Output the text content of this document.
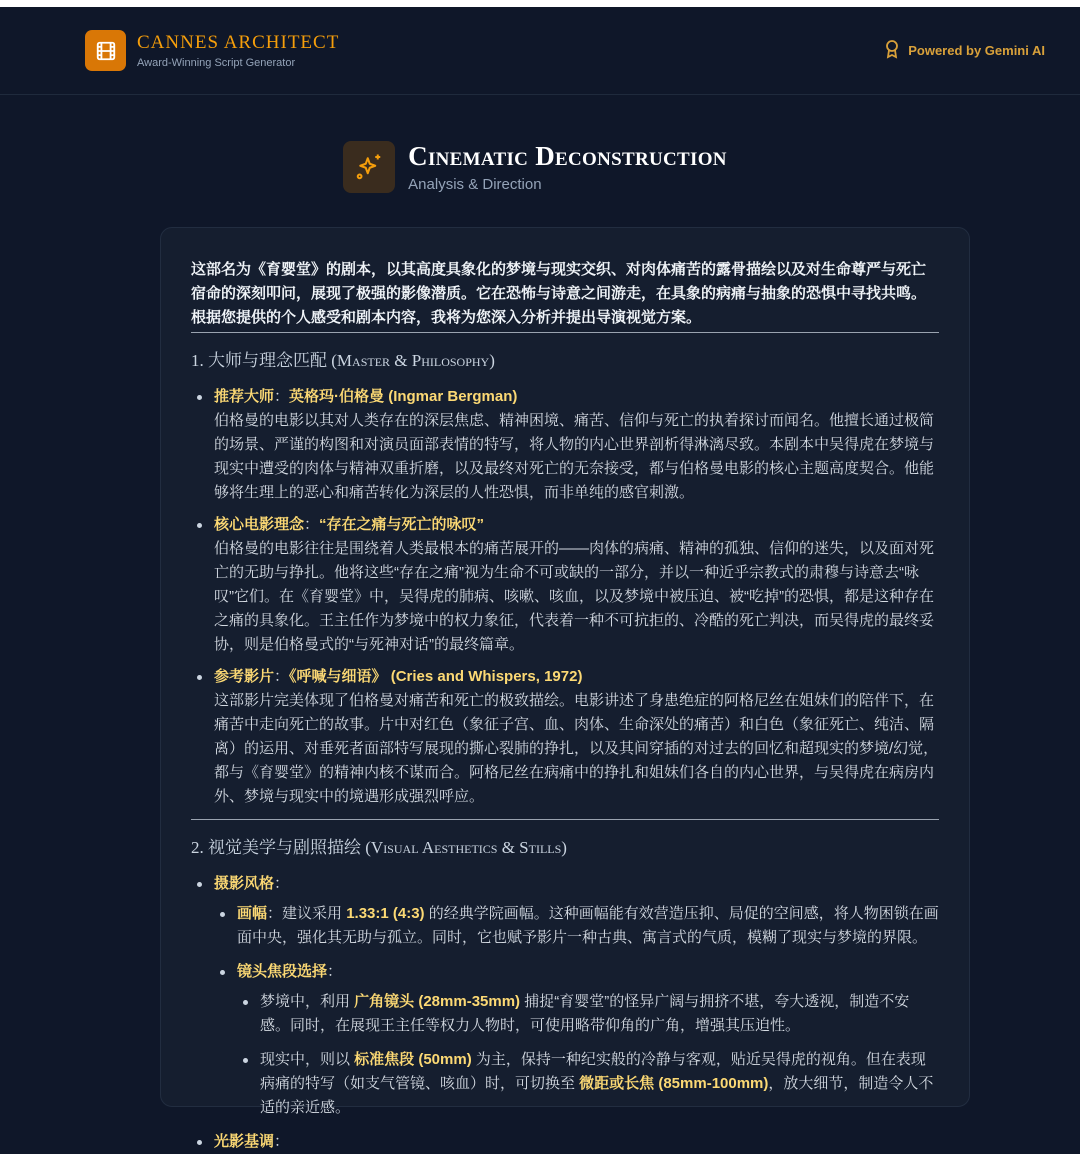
CANNES ARCHITECT
Award-Winning Script Generator
Powered by Gemini AI
Cinematic Deconstruction
Analysis & Direction

这部名为《育婴堂》的剧本，以其高度具象化的梦境与现实交织、对肉体痛苦的露骨描绘以及对生命尊严与死亡宿命的深刻叩问，展现了极强的影像潜质。它在恐怖与诗意之间游走，在具象的病痛与抽象的恐惧中寻找共鸣。根据您提供的个人感受和剧本内容，我将为您深入分析并提出导演视觉方案。

1. 大师与理念匹配 (Master & Philosophy)
推荐大师：英格玛·伯格曼 (Ingmar Bergman)
伯格曼的电影以其对人类存在的深层焦虑、精神困境、痛苦、信仰与死亡的执着探讨而闻名。他擅长通过极简的场景、严谨的构图和对演员面部表情的特写，将人物的内心世界剖析得淋漓尽致。本剧本中吴得虎在梦境与现实中遭受的肉体与精神双重折磨，以及最终对死亡的无奈接受，都与伯格曼电影的核心主题高度契合。他能够将生理上的恶心和痛苦转化为深层的人性恐惧，而非单纯的感官刺激。
核心电影理念：“存在之痛与死亡的咏叹”
伯格曼的电影往往是围绕着人类最根本的痛苦展开的——肉体的病痛、精神的孤独、信仰的迷失，以及面对死亡的无助与挣扎。他将这些“存在之痛”视为生命不可或缺的一部分，并以一种近乎宗教式的肃穆与诗意去“咏叹”它们。在《育婴堂》中，吴得虎的肺病、咳嗽、咳血，以及梦境中被压迫、被“吃掉”的恐惧，都是这种存在之痛的具象化。王主任作为梦境中的权力象征，代表着一种不可抗拒的、冷酷的死亡判决，而吴得虎的最终妥协，则是伯格曼式的“与死神对话”的最终篇章。
参考影片：《呼喊与细语》 (Cries and Whispers, 1972)
这部影片完美体现了伯格曼对痛苦和死亡的极致描绘。电影讲述了身患绝症的阿格尼丝在姐妹们的陪伴下，在痛苦中走向死亡的故事。片中对红色（象征子宫、血、肉体、生命深处的痛苦）和白色（象征死亡、纯洁、隔离）的运用、对垂死者面部特写展现的撕心裂肺的挣扎，以及其间穿插的对过去的回忆和超现实的梦境/幻觉，都与《育婴堂》的精神内核不谋而合。阿格尼丝在病痛中的挣扎和姐妹们各自的内心世界，与吴得虎在病房内外、梦境与现实中的境遇形成强烈呼应。
2. 视觉美学与剧照描绘 (Visual Aesthetics & Stills)
摄影风格：
画幅：建议采用 1.33:1 (4:3) 的经典学院画幅。这种画幅能有效营造压抑、局促的空间感，将人物困锁在画面中央，强化其无助与孤立。同时，它也赋予影片一种古典、寓言式的气质，模糊了现实与梦境的界限。
镜头焦段选择：
梦境中，利用 广角镜头 (28mm-35mm) 捕捉“育婴堂”的怪异广阔与拥挤不堪，夸大透视，制造不安感。同时，在展现王主任等权力人物时，可使用略带仰角的广角，增强其压迫性。
现实中，则以 标准焦段 (50mm) 为主，保持一种纪实般的冷静与客观，贴近吴得虎的视角。但在表现病痛的特写（如支气管镜、咳血）时，可切换至 微距或长焦 (85mm-100mm)，放大细节，制造令人不适的亲近感。
光影基调：
